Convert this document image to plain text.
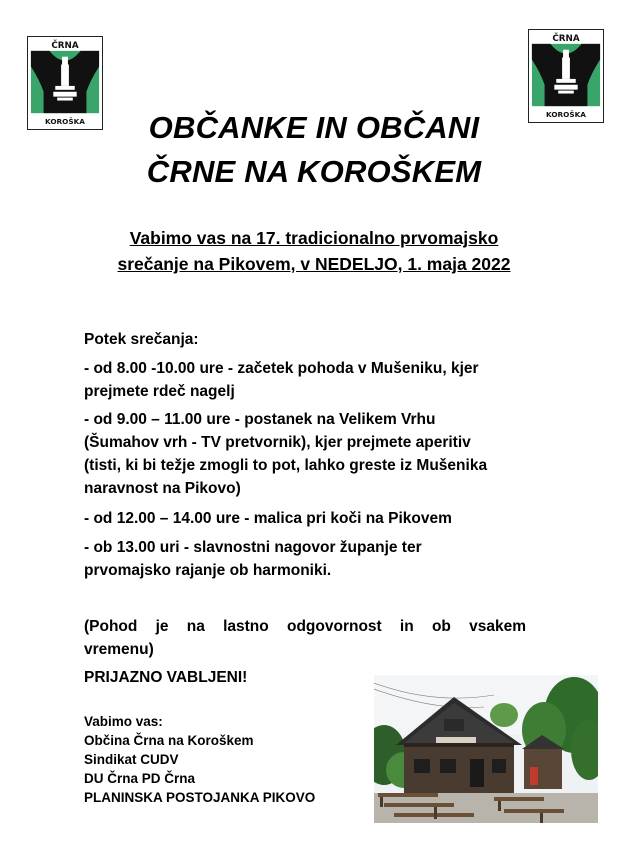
ČRNA
KOROŠKA
ČRNA
KOROŠKA
OBČANKE IN OBČANI
ČRNE NA KOROŠKEM
Vabimo vas na 17. tradicionalno prvomajsko
srečanje na Pikovem, v NEDELJO, 1. maja 2022
Potek srečanja:
- od 8.00 -10.00 ure - začetek pohoda v Mušeniku, kjer
prejmete rdeč nagelj
- od 9.00 – 11.00 ure - postanek na Velikem Vrhu
(Šumahov vrh - TV pretvornik), kjer prejmete aperitiv
(tisti, ki bi težje zmogli to pot, lahko greste iz Mušenika
naravnost na Pikovo)
- od 12.00 – 14.00 ure - malica pri koči na Pikovem
- ob 13.00 uri - slavnostni nagovor županje ter
prvomajsko rajanje ob harmoniki.
(Pohod je na lastno odgovornost in ob vsakem
vremenu)
PRIJAZNO VABLJENI!
Vabimo vas:
Občina Črna na Koroškem
Sindikat CUDV
DU Črna PD Črna
PLANINSKA POSTOJANKA PIKOVO
